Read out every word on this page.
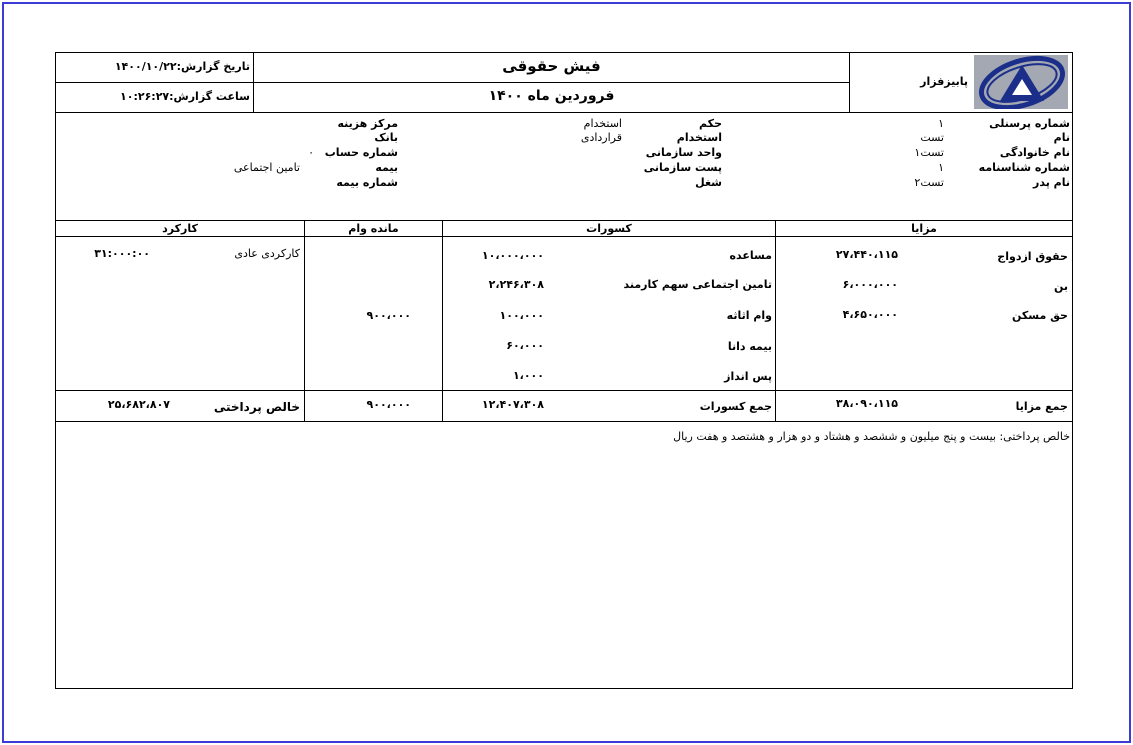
تاریخ گزارش:۱۴۰۰/۱۰/۲۲
ساعت گزارش:۱۰:۲۶:۲۷
فیش حقوقی
فروردین ماه ۱۴۰۰
پابیزفزار
شماره پرسنلی
۱
نام
تست
نام خانوادگی
تست۱
شماره شناسنامه
۱
نام پدر
تست۲
حکم
استخدام
استخدام
قراردادی
واحد سازمانی
پست سازمانی
شغل
مرکز هزینه
بانک
شماره حساب
۰
بیمه
تامین اجتماعی
شماره بیمه
مزایا
کسورات
مانده وام
کارکرد
حقوق ازدواج
۲۷،۴۴۰،۱۱۵
بن
۶،۰۰۰،۰۰۰
حق مسکن
۴،۶۵۰،۰۰۰
مساعده
۱۰،۰۰۰،۰۰۰
تامین اجتماعی سهم کارمند
۲،۲۴۶،۳۰۸
وام اثاثه
۱۰۰،۰۰۰
۹۰۰،۰۰۰
بیمه دانا
۶۰،۰۰۰
پس انداز
۱،۰۰۰
کارکردی عادی
۳۱:۰۰۰:۰۰
جمع مزایا
۳۸،۰۹۰،۱۱۵
جمع کسورات
۱۲،۴۰۷،۳۰۸
۹۰۰،۰۰۰
خالص پرداختی
۲۵،۶۸۲،۸۰۷
خالص پرداختی: بیست و پنج میلیون و ششصد و هشتاد و دو هزار و هشتصد و هفت ریال
